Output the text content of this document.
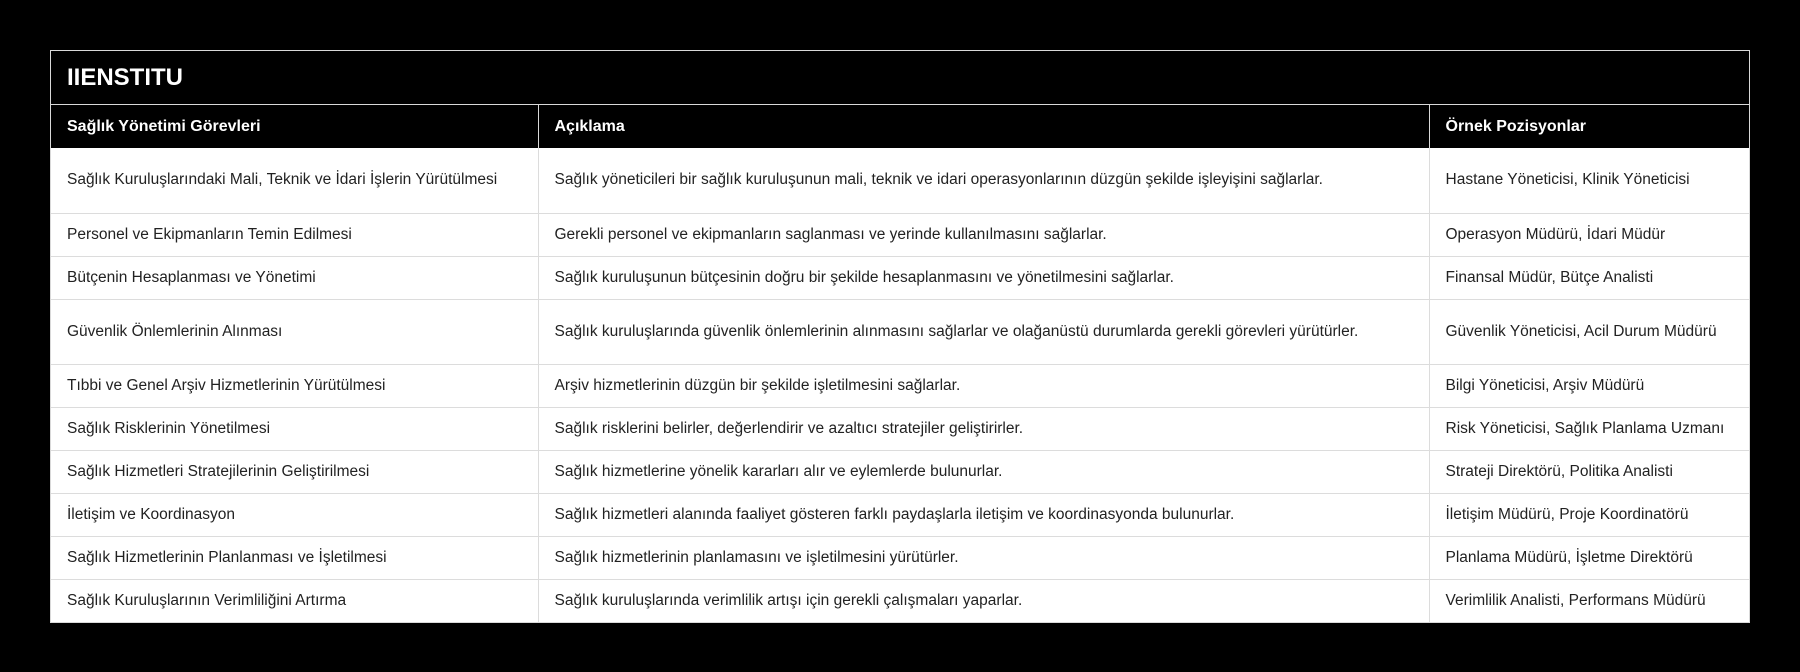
IIENSTITU
Sağlık Yönetimi Görevleri	Açıklama	Örnek Pozisyonlar
Sağlık Kuruluşlarındaki Mali, Teknik ve İdari İşlerin Yürütülmesi	Sağlık yöneticileri bir sağlık kuruluşunun mali, teknik ve idari operasyonlarının düzgün şekilde işleyişini sağlarlar.	Hastane Yöneticisi, Klinik Yöneticisi
Personel ve Ekipmanların Temin Edilmesi	Gerekli personel ve ekipmanların saglanması ve yerinde kullanılmasını sağlarlar.	Operasyon Müdürü, İdari Müdür
Bütçenin Hesaplanması ve Yönetimi	Sağlık kuruluşunun bütçesinin doğru bir şekilde hesaplanmasını ve yönetilmesini sağlarlar.	Finansal Müdür, Bütçe Analisti
Güvenlik Önlemlerinin Alınması	Sağlık kuruluşlarında güvenlik önlemlerinin alınmasını sağlarlar ve olağanüstü durumlarda gerekli görevleri yürütürler.	Güvenlik Yöneticisi, Acil Durum Müdürü
Tıbbi ve Genel Arşiv Hizmetlerinin Yürütülmesi	Arşiv hizmetlerinin düzgün bir şekilde işletilmesini sağlarlar.	Bilgi Yöneticisi, Arşiv Müdürü
Sağlık Risklerinin Yönetilmesi	Sağlık risklerini belirler, değerlendirir ve azaltıcı stratejiler geliştirirler.	Risk Yöneticisi, Sağlık Planlama Uzmanı
Sağlık Hizmetleri Stratejilerinin Geliştirilmesi	Sağlık hizmetlerine yönelik kararları alır ve eylemlerde bulunurlar.	Strateji Direktörü, Politika Analisti
İletişim ve Koordinasyon	Sağlık hizmetleri alanında faaliyet gösteren farklı paydaşlarla iletişim ve koordinasyonda bulunurlar.	İletişim Müdürü, Proje Koordinatörü
Sağlık Hizmetlerinin Planlanması ve İşletilmesi	Sağlık hizmetlerinin planlamasını ve işletilmesini yürütürler.	Planlama Müdürü, İşletme Direktörü
Sağlık Kuruluşlarının Verimliliğini Artırma	Sağlık kuruluşlarında verimlilik artışı için gerekli çalışmaları yaparlar.	Verimlilik Analisti, Performans Müdürü
